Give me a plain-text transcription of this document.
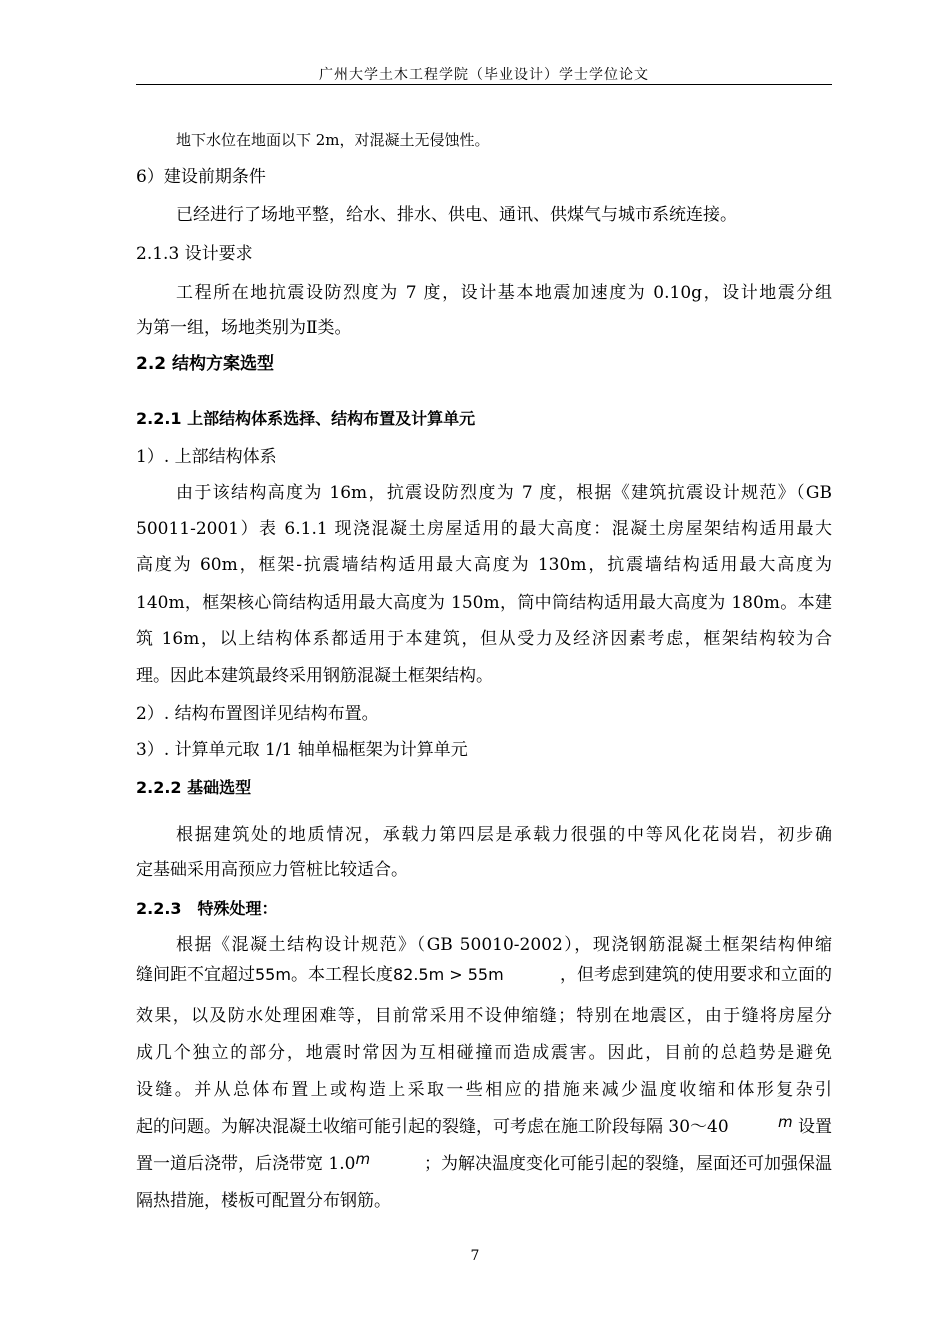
广州大学土木工程学院（毕业设计）学士学位论文
地下水位在地面以下 2m，对混凝土无侵蚀性。
6）建设前期条件
已经进行了场地平整，给水、排水、供电、通讯、供煤气与城市系统连接。
2.1.3 设计要求
工程所在地抗震设防烈度为 7 度，设计基本地震加速度为 0.10g，设计地震分组
为第一组，场地类别为Ⅱ类。
2.2 结构方案选型
2.2.1 上部结构体系选择、结构布置及计算单元
1）. 上部结构体系
由于该结构高度为 16m，抗震设防烈度为 7 度，根据《建筑抗震设计规范》（GB
50011-2001）表 6.1.1 现浇混凝土房屋适用的最大高度：混凝土房屋架结构适用最大
高度为 60m，框架-抗震墙结构适用最大高度为 130m，抗震墙结构适用最大高度为
140m，框架核心筒结构适用最大高度为 150m，筒中筒结构适用最大高度为 180m。本建
筑 16m，以上结构体系都适用于本建筑，但从受力及经济因素考虑，框架结构较为合
理。因此本建筑最终采用钢筋混凝土框架结构。
2）. 结构布置图详见结构布置。
3）. 计算单元取 1/1 轴单榀框架为计算单元
2.2.2 基础选型
根据建筑处的地质情况，承载力第四层是承载力很强的中等风化花岗岩，初步确
定基础采用高预应力管桩比较适合。
2.2.3　特殊处理：
根据《混凝土结构设计规范》（GB 50010-2002），现浇钢筋混凝土框架结构伸缩
缝间距不宜超过55m。本工程长度82.5m > 55m	，但考虑到建筑的使用要求和立面的
效果，以及防水处理困难等，目前常采用不设伸缩缝；特别在地震区，由于缝将房屋分
成几个独立的部分，地震时常因为互相碰撞而造成震害。因此，目前的总趋势是避免
设缝。并从总体布置上或构造上采取一些相应的措施来减少温度收缩和体形复杂引
起的问题。为解决混凝土收缩可能引起的裂缝，可考虑在施工阶段每隔 30～40	m 设置
置一道后浇带，后浇带宽 1.0m	；为解决温度变化可能引起的裂缝，屋面还可加强保温
隔热措施，楼板可配置分布钢筋。
7
